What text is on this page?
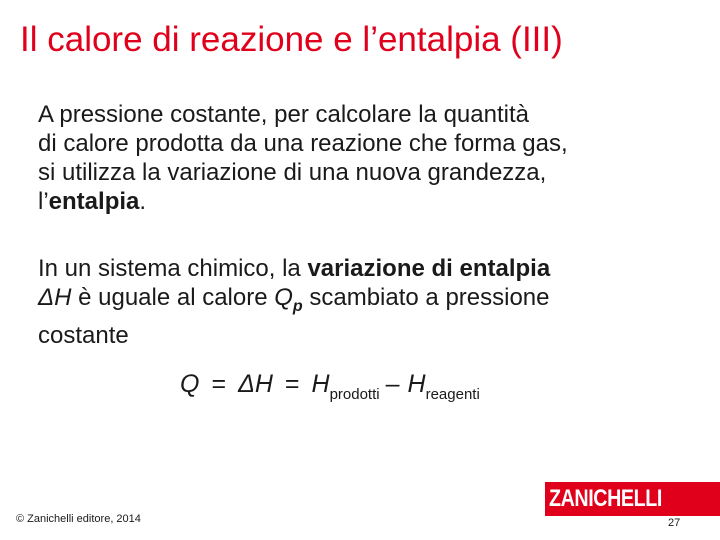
Il calore di reazione e l’entalpia (III)
A pressione costante, per calcolare la quantità
di calore prodotta da una reazione che forma gas,
si utilizza la variazione di una nuova grandezza,
l’entalpia.
In un sistema chimico, la variazione di entalpia
ΔH è uguale al calore $Q_p$ scambiato a pressione
costante
$Q = \Delta H = H_{prodotti} - H_{reagenti}$
© Zanichelli editore, 2014
ZANICHELLI
27
